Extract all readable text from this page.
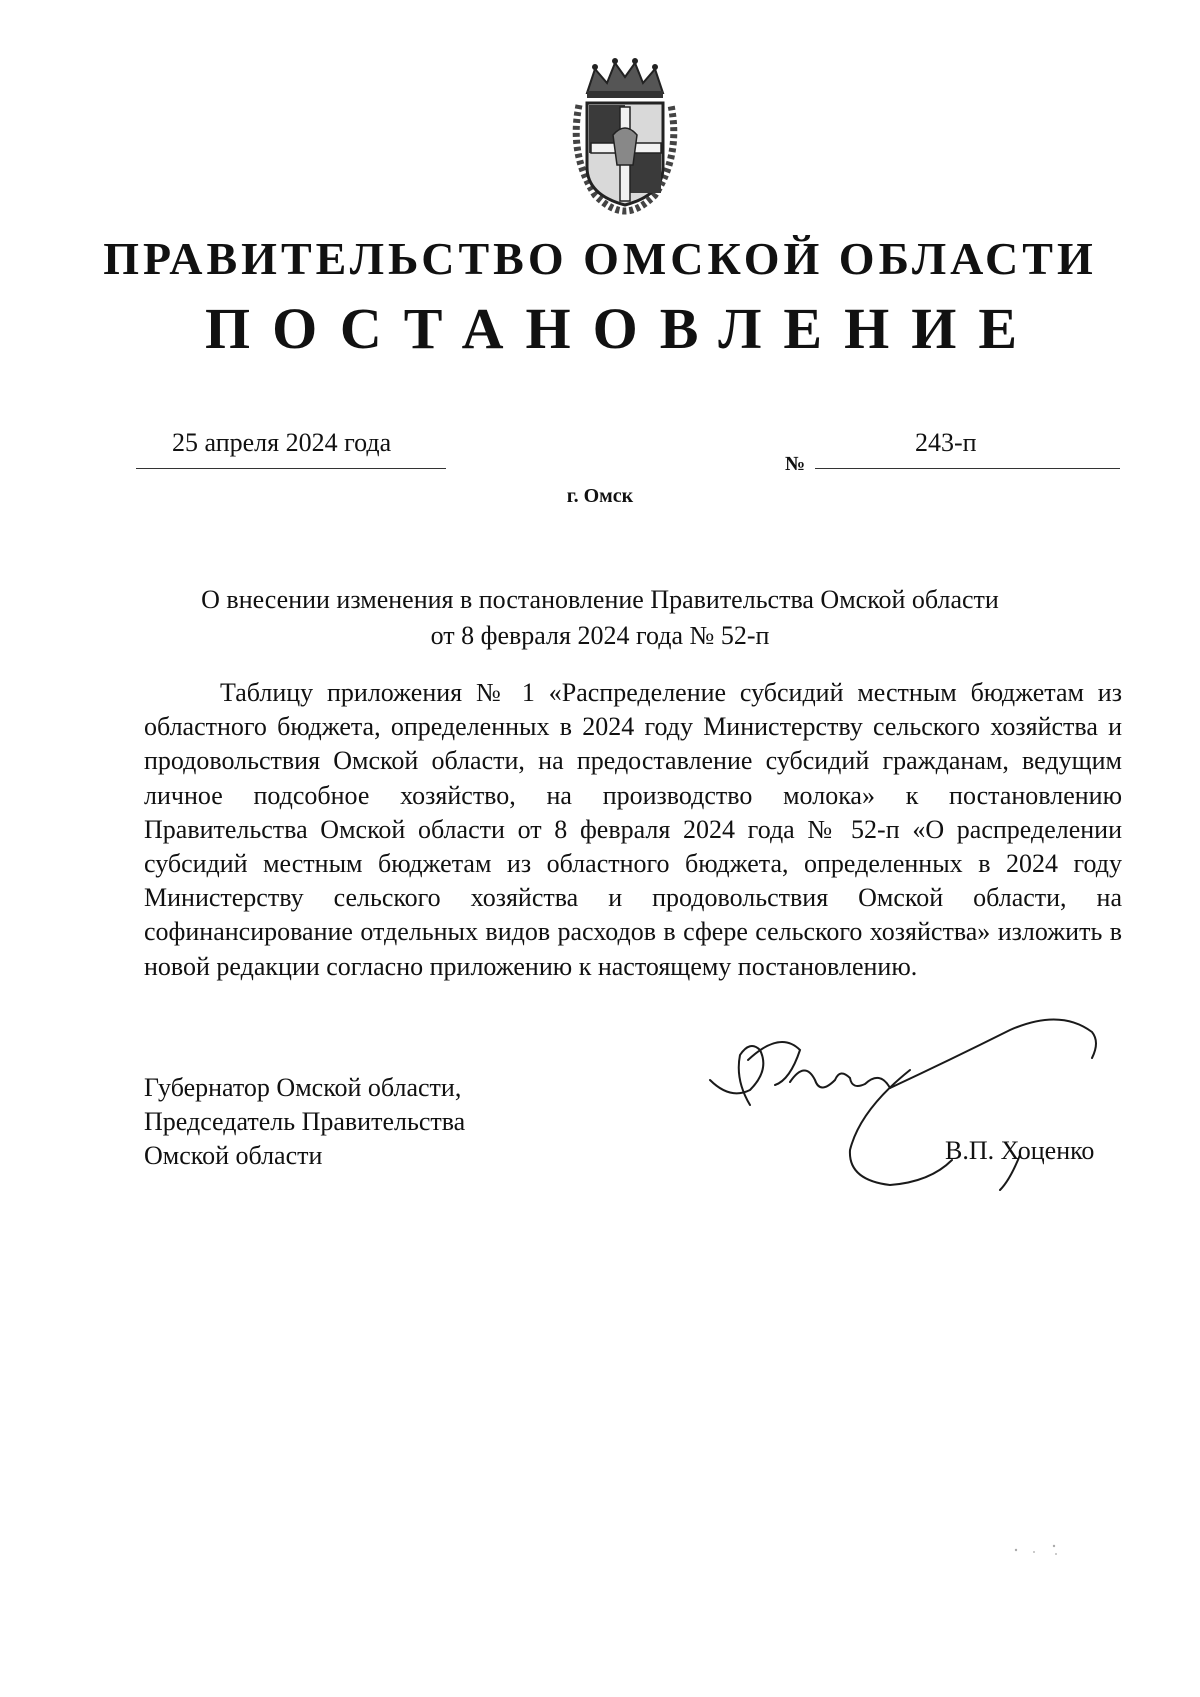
ПРАВИТЕЛЬСТВО ОМСКОЙ ОБЛАСТИ
ПОСТАНОВЛЕНИЕ
25 апреля 2024 года
№
243-п
г. Омск
О внесении изменения в постановление Правительства Омской области
от 8 февраля 2024 года № 52-п

Таблицу приложения № 1 «Распределение субсидий местным бюджетам из областного бюджета, определенных в 2024 году Министерству сельского хозяйства и продовольствия Омской области, на предоставление субсидий гражданам, ведущим личное подсобное хозяйство, на производство молока» к постановлению Правительства Омской области от 8 февраля 2024 года № 52-п «О распределении субсидий местным бюджетам из областного бюджета, определенных в 2024 году Министерству сельского хозяйства и продовольствия Омской области, на софинансирование отдельных видов расходов в сфере сельского хозяйства» изложить в новой редакции согласно приложению к настоящему постановлению.

Губернатор Омской области,
Председатель Правительства
Омской области	В.П. Хоценко
